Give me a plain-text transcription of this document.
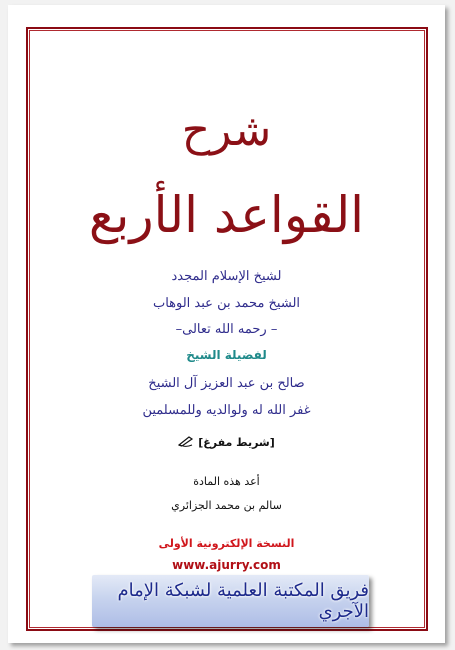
شرح
القواعد الأربع
لشيخ الإسلام المجدد
الشيخ محمد بن عبد الوهاب
– رحمه الله تعالى–
لفضيلة الشيخ
صالح بن عبد العزيز آل الشيخ
غفر الله له ولوالديه وللمسلمين
[شريط مفرغ]
أعد هذه المادة
سالم بن محمد الجزائري
النسخة الإلكترونية الأولى
www.ajurry.com
فريق المكتبة العلمية لشبكة الإمام الآجري
